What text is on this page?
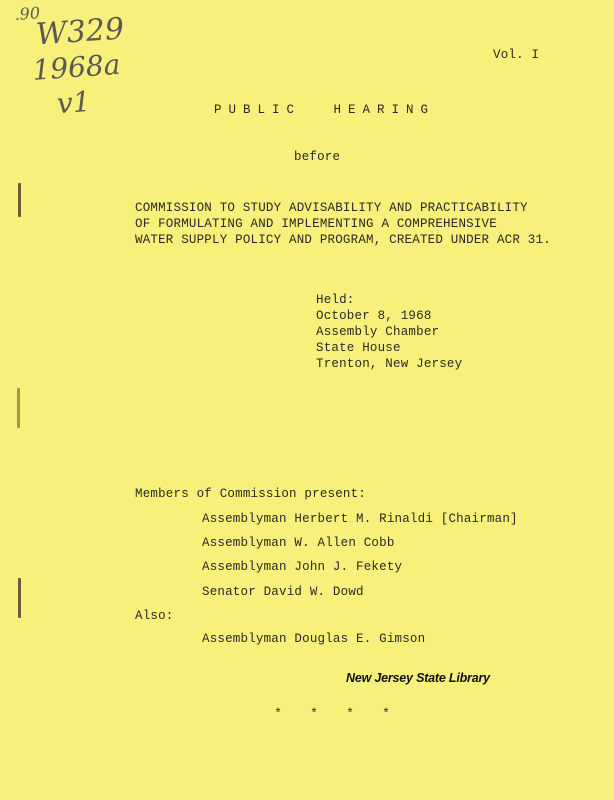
.90
W329
1968a
v1
Vol. I
PUBLIC HEARING
before
COMMISSION TO STUDY ADVISABILITY AND PRACTICABILITY
OF FORMULATING AND IMPLEMENTING A COMPREHENSIVE
WATER SUPPLY POLICY AND PROGRAM, CREATED UNDER ACR 31.
Held:
October 8, 1968
Assembly Chamber
State House
Trenton, New Jersey
Members of Commission present:
Assemblyman Herbert M. Rinaldi [Chairman]
Assemblyman W. Allen Cobb
Assemblyman John J. Fekety
Senator David W. Dowd
Also:
Assemblyman Douglas E. Gimson
New Jersey State Library
* * * *
